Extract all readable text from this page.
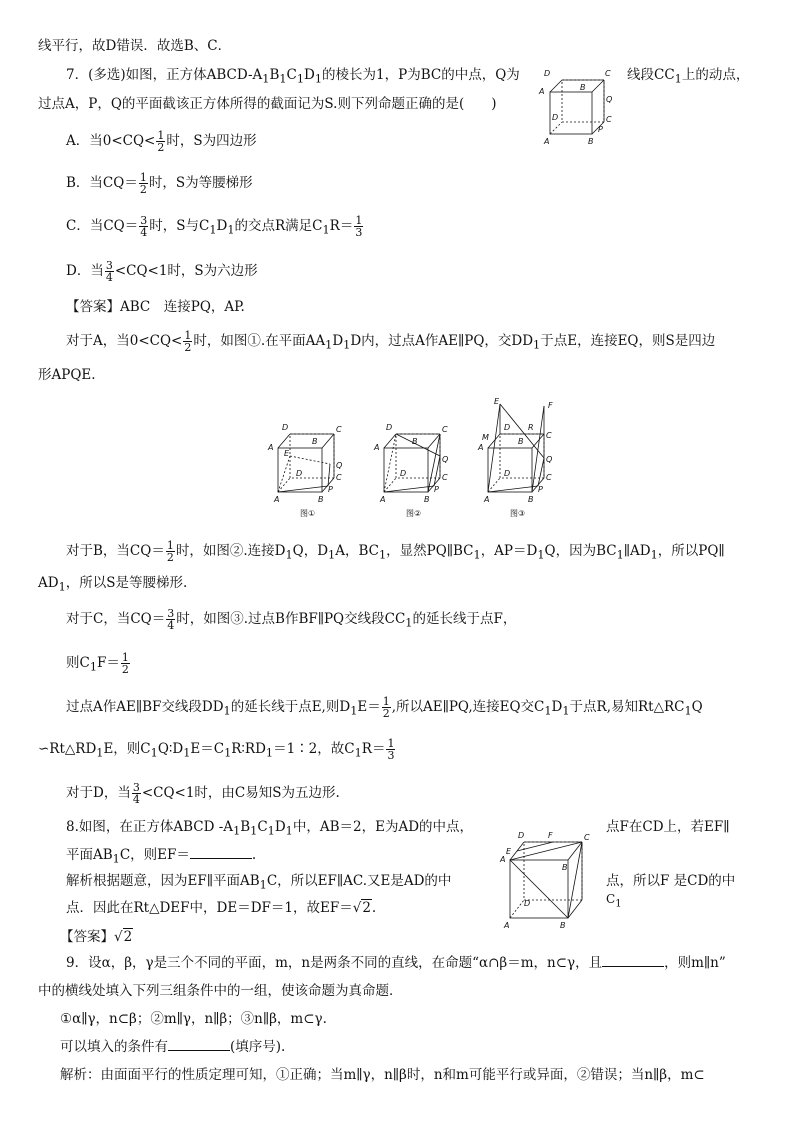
线平行，故D错误．故选B、C．
7．(多选)如图，正方体ABCD-$A_1B_1C_1D_1$的棱长为1，P为BC的中点，Q为	线段$CC_1$上的动点，
过点A，P，Q的平面截该正方体所得的截面记为S.则下列命题正确的是(　　)
A．当$0<CQ< \frac{1}{2}$ 时，S为四边形
B．当$CQ= \frac{1}{2}$ 时，S为等腰梯形
C．当$CQ= \frac{3}{4}$ 时，S与$C_1D_1$的交点R满足$C_1R= \frac{1}{3}$
D．当 $\frac{3}{4} <CQ<1$时，S为六边形
【答案】ABC　连接PQ，AP.
对于A，当$0<CQ< \frac{1}{2}$ 时，如图①.在平面$AA_1D_1D$内，过点A作AE∥PQ，交$DD_1$于点E，连接EQ，则S是四边
形APQE.
D	C
A	B
Q
D	C
P
A	B
D	C
A
B
E
D
Q
C
P
A	B
图①
D	C
A
B
D
Q
C
P
A	B
图②
E	F
M
D R
C
A
B
D
Q
C
P
A	B
图③
对于B，当$CQ= \frac{1}{2}$ 时，如图②.连接$D_1Q$，$D_1A$，$BC_1$，显然$PQ\parallel BC_1$，$AP=D_1Q$，因为$BC_1\parallel AD_1$，所以PQ∥
$AD_1$，所以S是等腰梯形.
对于C，当$CQ= \frac{3}{4}$ 时，如图③.过点B作BF∥PQ交线段$CC_1$的延长线于点F，
则$C_1F= \frac{1}{2}$
过点A作AE∥BF交线段$DD_1$的延长线于点E,则$D_1E= \frac{1}{2}$ ,所以AE∥PQ,连接EQ交$C_1D_1$于点R,易知$Rt\triangle RC_1Q$
$∽Rt\triangle RD_1E$，则$C_1Q∶D_1E=C_1R∶RD_1=1∶2$，故$C_1R= \frac{1}{3}$
对于D，当 $\frac{3}{4} <CQ<1$时，由C易知S为五边形.
8.如图，在正方体ABCD $-A_1B_1C_1D_1$中，AB＝2，E为AD的中点，	点F在CD上，若EF∥
平面$AB_1C$，则EF＝	.
解析根据题意，因为EF∥平面$AB_1C$，所以EF∥AC.又E是AD的中	点，所以F 是CD的中
点．因此在Rt△DEF中，DE＝DF＝1，故EF＝√2.
【答案】√2
D	F	C
E
A
B
D
A	B
$C_1$
9．设α，β，γ是三个不同的平面，m，n是两条不同的直线，在命题“α∩β＝m，n⊂γ，且	，则m∥n”
中的横线处填入下列三组条件中的一组，使该命题为真命题．
①α∥γ，n⊂β；②m∥γ，n∥β；③n∥β，m⊂γ.
可以填入的条件有	(填序号).
解析：由面面平行的性质定理可知，①正确；当m∥γ，n∥β时，n和m可能平行或异面，②错误；当n∥β，m⊂
